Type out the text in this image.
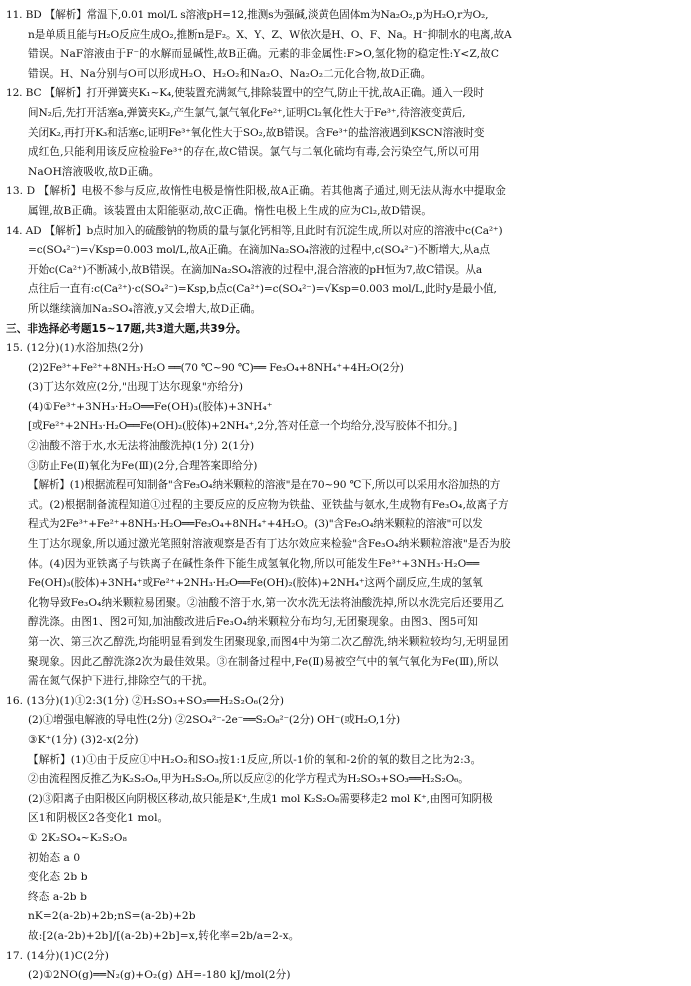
11. BD 【解析】常温下,0.01 mol/L s溶液pH=12,推测s为强碱,淡黄色固体m为Na₂O₂,p为H₂O,r为O₂,
n是单质且能与H₂O反应生成O₂,推断n是F₂。X、Y、Z、W依次是H、O、F、Na。H⁻抑制水的电离,故A
错误。NaF溶液由于F⁻的水解而显碱性,故B正确。元素的非金属性:F>O,氢化物的稳定性:Y<Z,故C
错误。H、Na分别与O可以形成H₂O、H₂O₂和Na₂O、Na₂O₂二元化合物,故D正确。
12. BC 【解析】打开弹簧夹K₁~K₄,使装置充满氮气,排除装置中的空气,防止干扰,故A正确。通入一段时
间N₂后,先打开活塞a,弹簧夹K₂,产生氯气,氯气氧化Fe²⁺,证明Cl₂氧化性大于Fe³⁺,待溶液变黄后,
关闭K₂,再打开K₃和活塞c,证明Fe³⁺氧化性大于SO₂,故B错误。含Fe³⁺的盐溶液遇到KSCN溶液时变
成红色,只能利用该反应检验Fe³⁺的存在,故C错误。氯气与二氧化硫均有毒,会污染空气,所以可用
NaOH溶液吸收,故D正确。
13. D 【解析】电极不参与反应,故惰性电极是惰性阳极,故A正确。若其他离子通过,则无法从海水中提取金
属锂,故B正确。该装置由太阳能驱动,故C正确。惰性电极上生成的应为Cl₂,故D错误。
14. AD 【解析】b点时加入的硫酸钠的物质的量与氯化钙相等,且此时有沉淀生成,所以对应的溶液中c(Ca²⁺)
=c(SO₄²⁻)=√Ksp=0.003 mol/L,故A正确。在滴加Na₂SO₄溶液的过程中,c(SO₄²⁻)不断增大,从a点
开始c(Ca²⁺)不断减小,故B错误。在滴加Na₂SO₄溶液的过程中,混合溶液的pH恒为7,故C错误。从a
点往后一直有:c(Ca²⁺)·c(SO₄²⁻)=Ksp,b点c(Ca²⁺)=c(SO₄²⁻)=√Ksp=0.003 mol/L,此时y是最小值,
所以继续滴加Na₂SO₄溶液,y又会增大,故D正确。
三、非选择必考题15~17题,共3道大题,共39分。
15. (12分)(1)水浴加热(2分)
(2)2Fe³⁺+Fe²⁺+8NH₃·H₂O ══(70 ℃~90 ℃)══ Fe₃O₄+8NH₄⁺+4H₂O(2分)
(3)丁达尔效应(2分,"出现丁达尔现象"亦给分)
(4)①Fe³⁺+3NH₃·H₂O══Fe(OH)₃(胶体)+3NH₄⁺
[或Fe²⁺+2NH₃·H₂O══Fe(OH)₂(胶体)+2NH₄⁺,2分,答对任意一个均给分,没写胶体不扣分。]
②油酸不溶于水,水无法将油酸洗掉(1分) 2(1分)
③防止Fe(Ⅱ)氧化为Fe(Ⅲ)(2分,合理答案即给分)
【解析】(1)根据流程可知制备"含Fe₃O₄纳米颗粒的溶液"是在70~90 ℃下,所以可以采用水浴加热的方
式。(2)根据制备流程知道①过程的主要反应的反应物为铁盐、亚铁盐与氨水,生成物有Fe₃O₄,故离子方
程式为2Fe³⁺+Fe²⁺+8NH₃·H₂O══Fe₃O₄+8NH₄⁺+4H₂O。(3)"含Fe₃O₄纳米颗粒的溶液"可以发
生丁达尔现象,所以通过激光笔照射溶液观察是否有丁达尔效应来检验"含Fe₃O₄纳米颗粒溶液"是否为胶
体。(4)因为亚铁离子与铁离子在碱性条件下能生成氢氧化物,所以可能发生Fe³⁺+3NH₃·H₂O══
Fe(OH)₃(胶体)+3NH₄⁺或Fe²⁺+2NH₃·H₂O══Fe(OH)₂(胶体)+2NH₄⁺这两个副反应,生成的氢氧
化物导致Fe₃O₄纳米颗粒易团聚。②油酸不溶于水,第一次水洗无法将油酸洗掉,所以水洗完后还要用乙
醇洗涤。由图1、图2可知,加油酸改进后Fe₃O₄纳米颗粒分布均匀,无团聚现象。由图3、图5可知
第一次、第三次乙醇洗,均能明显看到发生团聚现象,而图4中为第二次乙醇洗,纳米颗粒较均匀,无明显团
聚现象。因此乙醇洗涤2次为最佳效果。③在制备过程中,Fe(Ⅱ)易被空气中的氧气氧化为Fe(Ⅲ),所以
需在氮气保护下进行,排除空气的干扰。
16. (13分)(1)①2:3(1分) ②H₂SO₃+SO₃══H₂S₂O₆(2分)
(2)①增强电解液的导电性(2分) ②2SO₄²⁻-2e⁻══S₂O₈²⁻(2分) OH⁻(或H₂O,1分)
③K⁺(1分) (3)2-x(2分)
【解析】(1)①由于反应①中H₂O₂和SO₃按1:1反应,所以-1价的氧和-2价的氧的数目之比为2:3。
②由流程图反推乙为K₂S₂O₈,甲为H₂S₂O₈,所以反应②的化学方程式为H₂SO₃+SO₃══H₂S₂O₆。
(2)③阳离子由阳极区向阴极区移动,故只能是K⁺,生成1 mol K₂S₂O₈需要移走2 mol K⁺,由图可知阴极
区1和阴极区2各变化1 mol。
① 2K₂SO₄~K₂S₂O₈
初始态 a 0
变化态 2b b
终态 a-2b b
nK=2(a-2b)+2b;nS=(a-2b)+2b
故:[2(a-2b)+2b]/[(a-2b)+2b]=x,转化率=2b/a=2-x。
17. (14分)(1)C(2分)
(2)①2NO(g)══N₂(g)+O₂(g) ΔH=-180 kJ/mol(2分)
